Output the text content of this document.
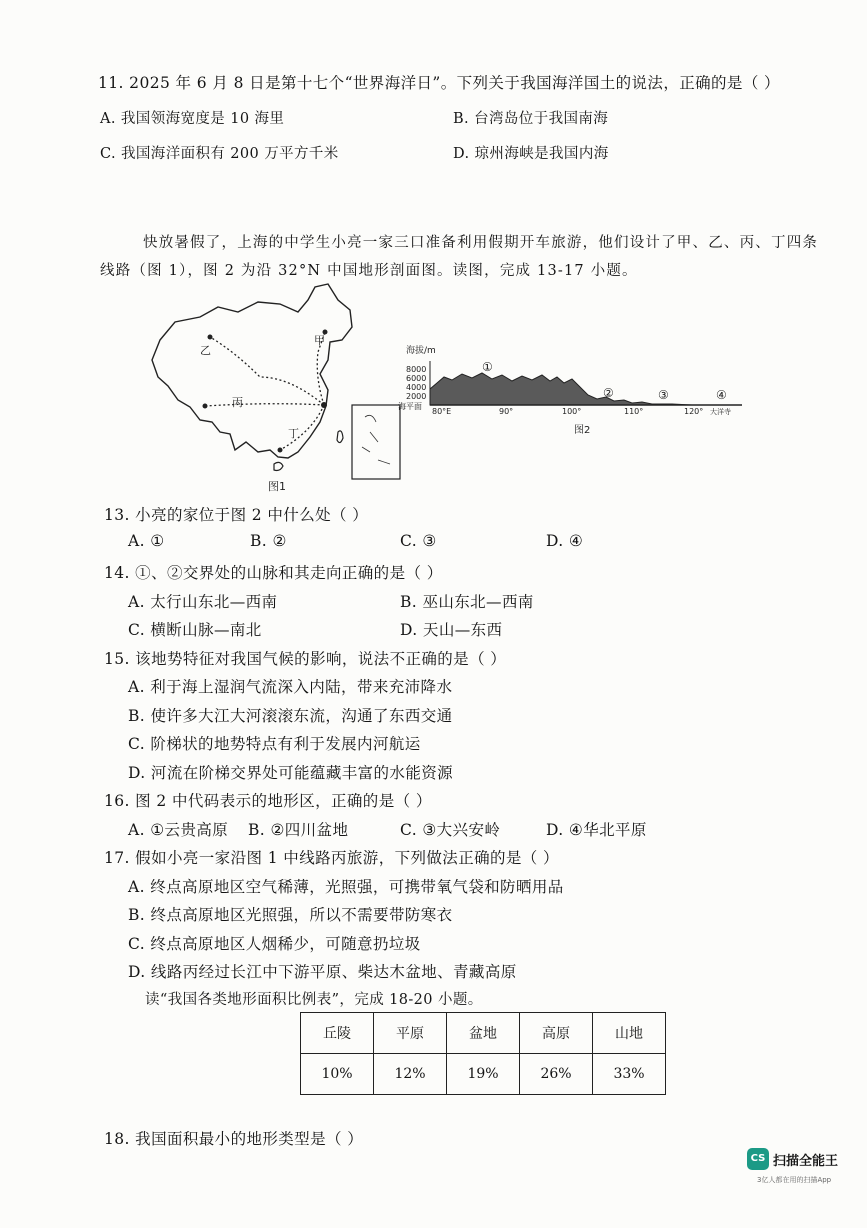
11. 2025 年 6 月 8 日是第十七个“世界海洋日”。下列关于我国海洋国土的说法，正确的是（ ）
A. 我国领海宽度是 10 海里	B. 台湾岛位于我国南海
C. 我国海洋面积有 200 万平方千米	D. 琼州海峡是我国内海
快放暑假了，上海的中学生小亮一家三口准备利用假期开车旅游，他们设计了甲、乙、丙、丁四条
线路（图 1），图 2 为沿 32°N 中国地形剖面图。读图，完成 13-17 小题。
甲
乙
丙
丁
图1
海拔/m
8000
6000
4000
2000
海平面
80°E	90°	100°	110°	120° 大洋寺
①
②	③	④
图2
13. 小亮的家位于图 2 中什么处（ ）
A. ①	B. ②	C. ③	D. ④
14. ①、②交界处的山脉和其走向正确的是（ ）
A. 太行山东北—西南	B. 巫山东北—西南
C. 横断山脉—南北	D. 天山—东西
15. 该地势特征对我国气候的影响，说法不正确的是（ ）
A. 利于海上湿润气流深入内陆，带来充沛降水
B. 使许多大江大河滚滚东流，沟通了东西交通
C. 阶梯状的地势特点有利于发展内河航运
D. 河流在阶梯交界处可能蕴藏丰富的水能资源
16. 图 2 中代码表示的地形区，正确的是（ ）
A. ①云贵高原 B. ②四川盆地	C. ③大兴安岭	D. ④华北平原
17. 假如小亮一家沿图 1 中线路丙旅游，下列做法正确的是（ ）
A. 终点高原地区空气稀薄，光照强，可携带氧气袋和防晒用品
B. 终点高原地区光照强，所以不需要带防寒衣
C. 终点高原地区人烟稀少，可随意扔垃圾
D. 线路丙经过长江中下游平原、柴达木盆地、青藏高原
读“我国各类地形面积比例表”，完成 18-20 小题。
丘陵	平原	盆地	高原	山地
10%	12%	19%	26%	33%
18. 我国面积最小的地形类型是（ ）
CS 扫描全能王
3亿人都在用的扫描App
